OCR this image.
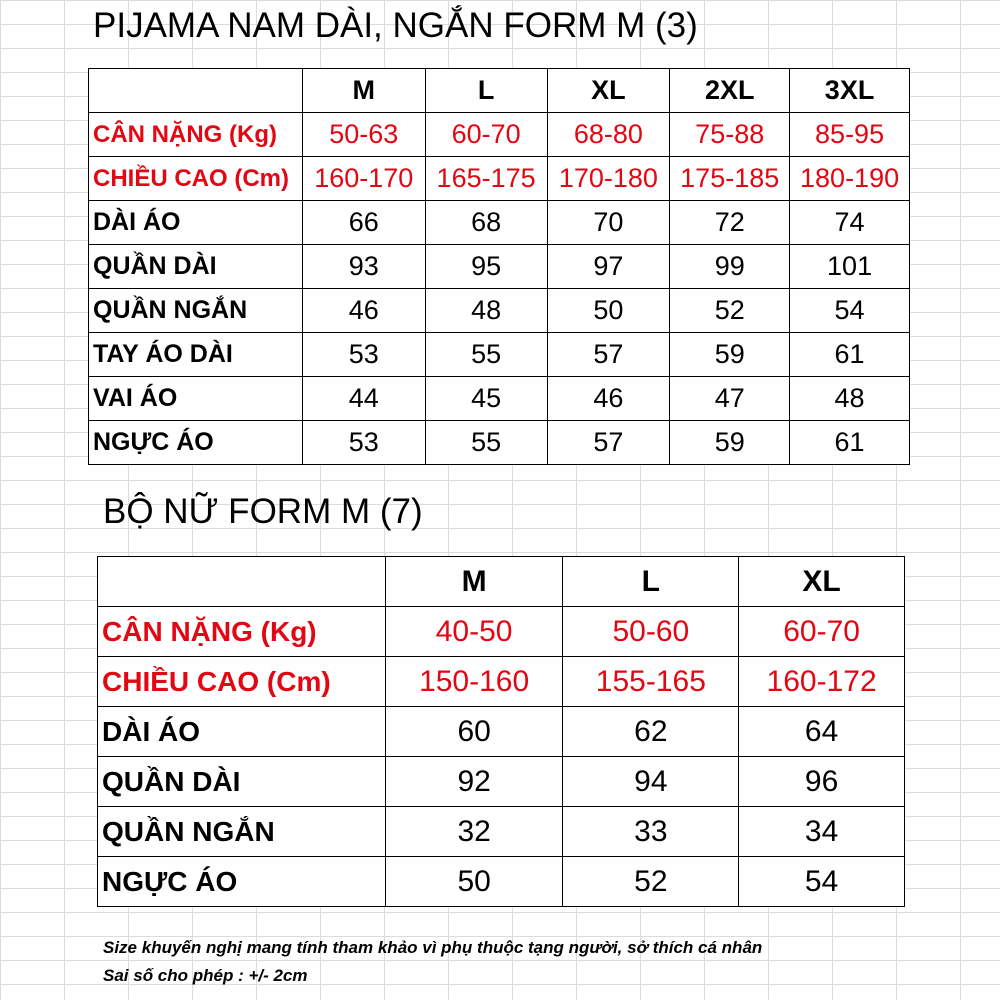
PIJAMA NAM DÀI, NGẮN FORM M (3)
	M	L	XL	2XL	3XL
CÂN NẶNG (Kg)	50-63	60-70	68-80	75-88	85-95
CHIỀU CAO (Cm)	160-170	165-175	170-180	175-185	180-190
DÀI ÁO	66	68	70	72	74
QUẦN DÀI	93	95	97	99	101
QUẦN NGẮN	46	48	50	52	54
TAY ÁO DÀI	53	55	57	59	61
VAI ÁO	44	45	46	47	48
NGỰC ÁO	53	55	57	59	61
BỘ NỮ FORM M (7)
	M	L	XL
CÂN NẶNG (Kg)	40-50	50-60	60-70
CHIỀU CAO (Cm)	150-160	155-165	160-172
DÀI ÁO	60	62	64
QUẦN DÀI	92	94	96
QUẦN NGẮN	32	33	34
NGỰC ÁO	50	52	54
Size khuyến nghị mang tính tham khảo vì phụ thuộc tạng người, sở thích cá nhân
Sai số cho phép : +/- 2cm
